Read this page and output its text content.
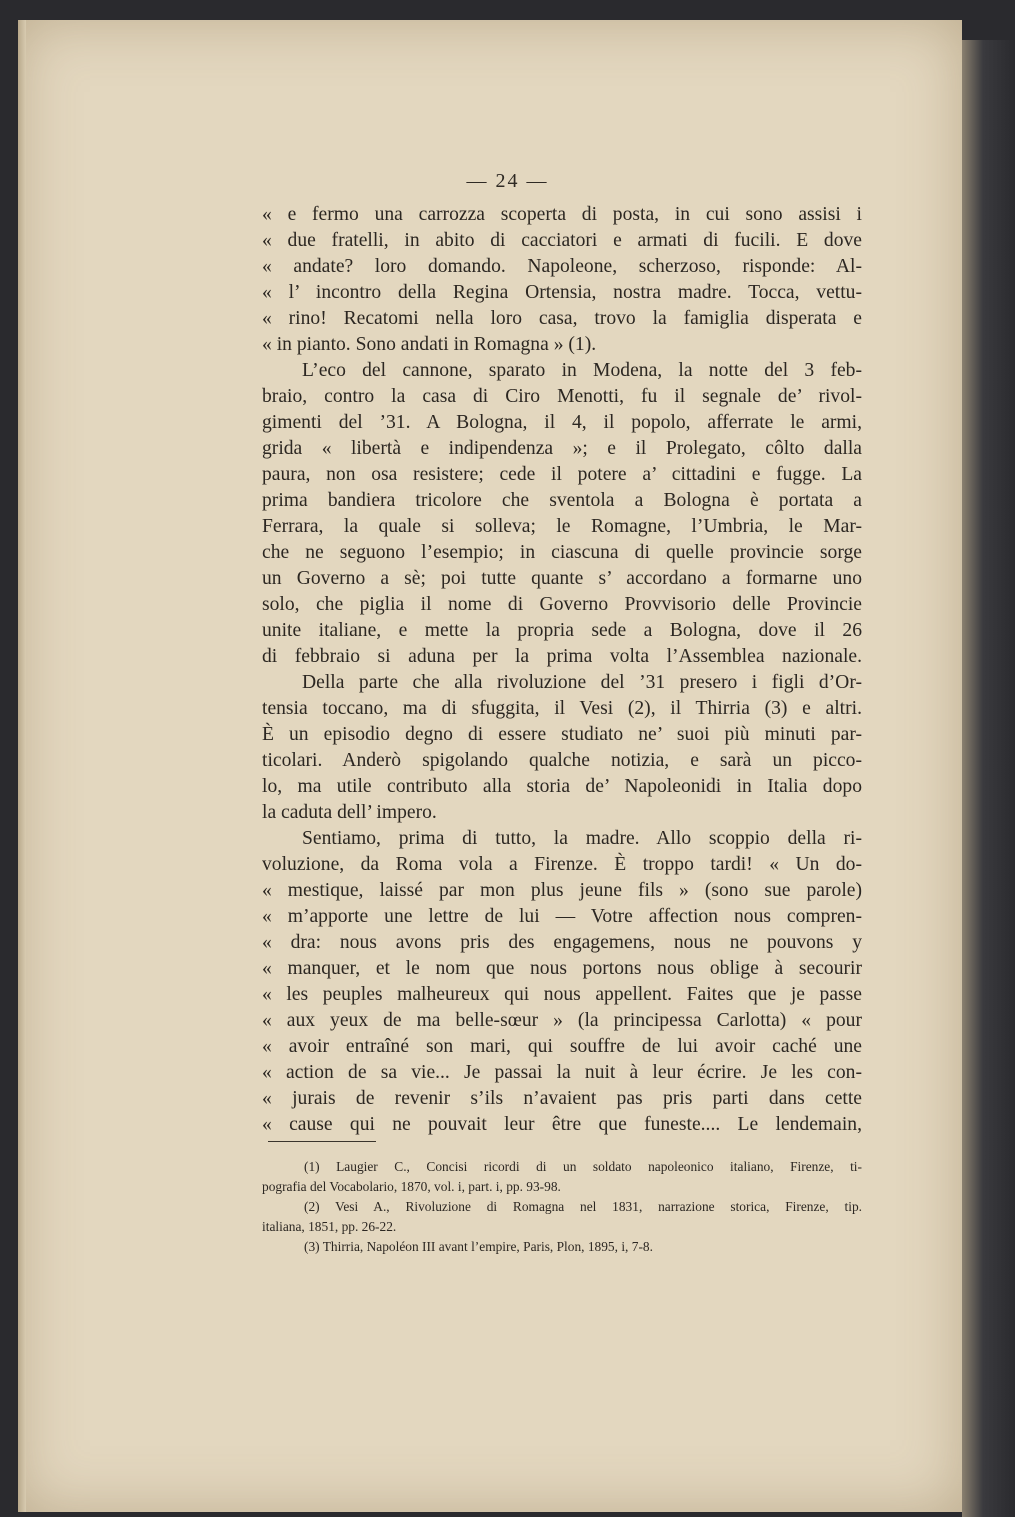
— 24 —
« e fermo una carrozza scoperta di posta, in cui sono assisi i
« due fratelli, in abito di cacciatori e armati di fucili. E dove
« andate? loro domando. Napoleone, scherzoso, risponde: Al-
« l’ incontro della Regina Ortensia, nostra madre. Tocca, vettu-
« rino! Recatomi nella loro casa, trovo la famiglia disperata e
« in pianto. Sono andati in Romagna » (1).
L’eco del cannone, sparato in Modena, la notte del 3 feb-
braio, contro la casa di Ciro Menotti, fu il segnale de’ rivol-
gimenti del ’31. A Bologna, il 4, il popolo, afferrate le armi,
grida « libertà e indipendenza »; e il Prolegato, côlto dalla
paura, non osa resistere; cede il potere a’ cittadini e fugge. La
prima bandiera tricolore che sventola a Bologna è portata a
Ferrara, la quale si solleva; le Romagne, l’Umbria, le Mar-
che ne seguono l’esempio; in ciascuna di quelle provincie sorge
un Governo a sè; poi tutte quante s’ accordano a formarne uno
solo, che piglia il nome di Governo Provvisorio delle Provincie
unite italiane, e mette la propria sede a Bologna, dove il 26
di febbraio si aduna per la prima volta l’Assemblea nazionale.
Della parte che alla rivoluzione del ’31 presero i figli d’Or-
tensia toccano, ma di sfuggita, il Vesi (2), il Thirria (3) e altri.
È un episodio degno di essere studiato ne’ suoi più minuti par-
ticolari. Anderò spigolando qualche notizia, e sarà un picco-
lo, ma utile contributo alla storia de’ Napoleonidi in Italia dopo
la caduta dell’ impero.
Sentiamo, prima di tutto, la madre. Allo scoppio della ri-
voluzione, da Roma vola a Firenze. È troppo tardi! « Un do-
« mestique, laissé par mon plus jeune fils » (sono sue parole)
« m’apporte une lettre de lui — Votre affection nous compren-
« dra: nous avons pris des engagemens, nous ne pouvons y
« manquer, et le nom que nous portons nous oblige à secourir
« les peuples malheureux qui nous appellent. Faites que je passe
« aux yeux de ma belle-sœur » (la principessa Carlotta) « pour
« avoir entraîné son mari, qui souffre de lui avoir caché une
« action de sa vie... Je passai la nuit à leur écrire. Je les con-
« jurais de revenir s’ils n’avaient pas pris parti dans cette
« cause qui ne pouvait leur être que funeste.... Le lendemain,
(1) Laugier C., Concisi ricordi di un soldato napoleonico italiano, Firenze, ti-
pografia del Vocabolario, 1870, vol. i, part. i, pp. 93-98.
(2) Vesi A., Rivoluzione di Romagna nel 1831, narrazione storica, Firenze, tip.
italiana, 1851, pp. 26-22.
(3) Thirria, Napoléon III avant l’empire, Paris, Plon, 1895, i, 7-8.
